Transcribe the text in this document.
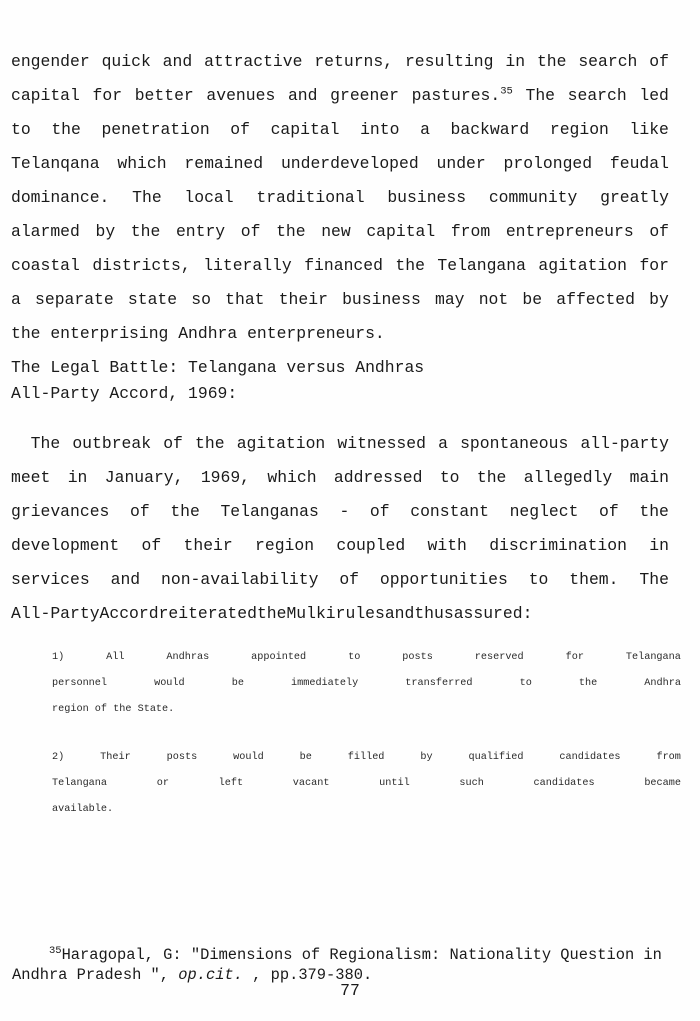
engender quick and attractive returns, resulting in the search of
capital for better avenues and greener pastures.$^{35}$ The search led
to the penetration of capital into a backward region like
Telanqana which remained underdeveloped under prolonged feudal
dominance. The local traditional business community greatly
alarmed by the entry of the new capital from entrepreneurs of
coastal districts, literally financed the Telangana agitation for
a separate state so that their business may not be affected by
the enterprising Andhra enterpreneurs.
The Legal Battle: Telangana versus Andhras
All-Party Accord, 1969:
The outbreak of the agitation witnessed a spontaneous all-party
meet in January, 1969, which addressed to the allegedly main
grievances of the Telanganas - of constant neglect of the
development of their region coupled with discrimination in
services and non-availability of opportunities to them. The
All-Party Accord reiterated the Mulki rules and thus assured :
1)	All	Andhras	appointed	to	posts	reserved	for	Telangana
personnel	would	be	immediately	transferred	to	the	Andhra
region of the State.
2)	Their	posts	would	be	filled	by	qualified	candidates	from
Telangana	or	left	vacant	until	such	candidates	became
available.

$^{35}$Haragopal, G: "Dimensions of Regionalism: Nationality Question in Andhra Pradesh ", op.cit. , pp.379-380.

77
